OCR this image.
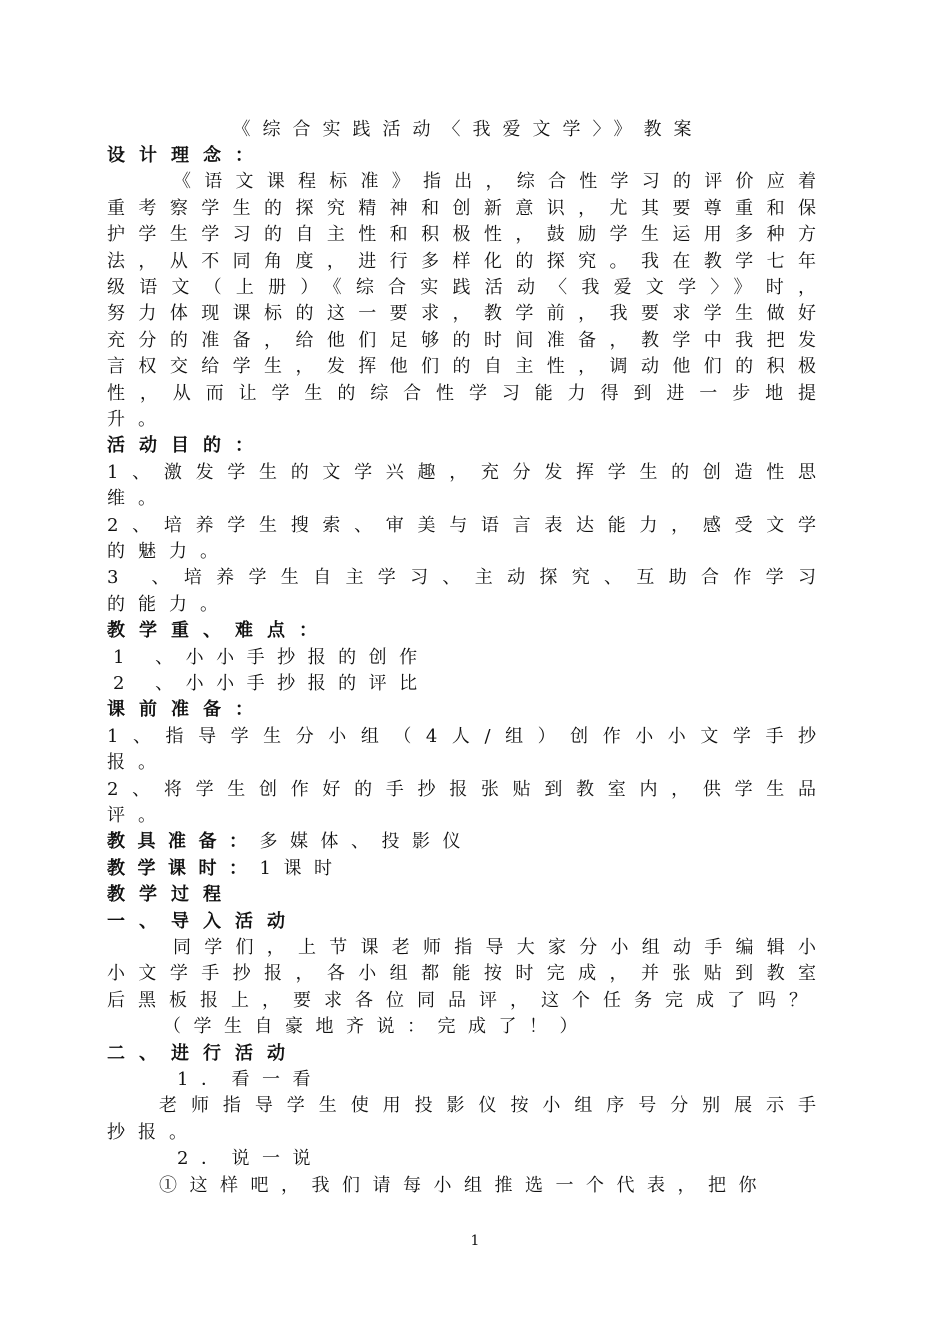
《综合实践活动〈我爱文学〉》教案
设计理念：

《语文课程标准》指出，综合性学习的评价应着重考察学生的探究精神和创新意识，尤其要尊重和保护学生学习的自主性和积极性，鼓励学生运用多种方法，从不同角度，进行多样化的探究。我在教学七年级语文（上册）《综合实践活动〈我爱文学〉》时，努力体现课标的这一要求，教学前，我要求学生做好充分的准备，给他们足够的时间准备，教学中我把发言权交给学生，发挥他们的自主性，调动他们的积极性，从而让学生的综合性学习能力得到进一步地提升。

活动目的：

1、激发学生的文学兴趣，充分发挥学生的创造性思维。

2、培养学生搜索、审美与语言表达能力，感受文学的魅力。

3 、培养学生自主学习、主动探究、互助合作学习的能力。

教学重、难点：
1 、小小手抄报的创作
2 、小小手抄报的评比
课前准备：

1、指导学生分小组（4人/组）创作小小文学手抄报。

2、将学生创作好的手抄报张贴到教室内，供学生品评。

教具准备：多媒体、投影仪
教学课时：1课时
教学过程
一、导入活动

同学们，上节课老师指导大家分小组动手编辑小小文学手抄报，各小组都能按时完成，并张贴到教室后黑板报上，要求各位同品评，这个任务完成了吗？

（学生自豪地齐说：完成了！）
二、进行活动
1．看一看

老师指导学生使用投影仪按小组序号分别展示手抄报。

2．说一说
①这样吧，我们请每小组推选一个代表，把你
1
